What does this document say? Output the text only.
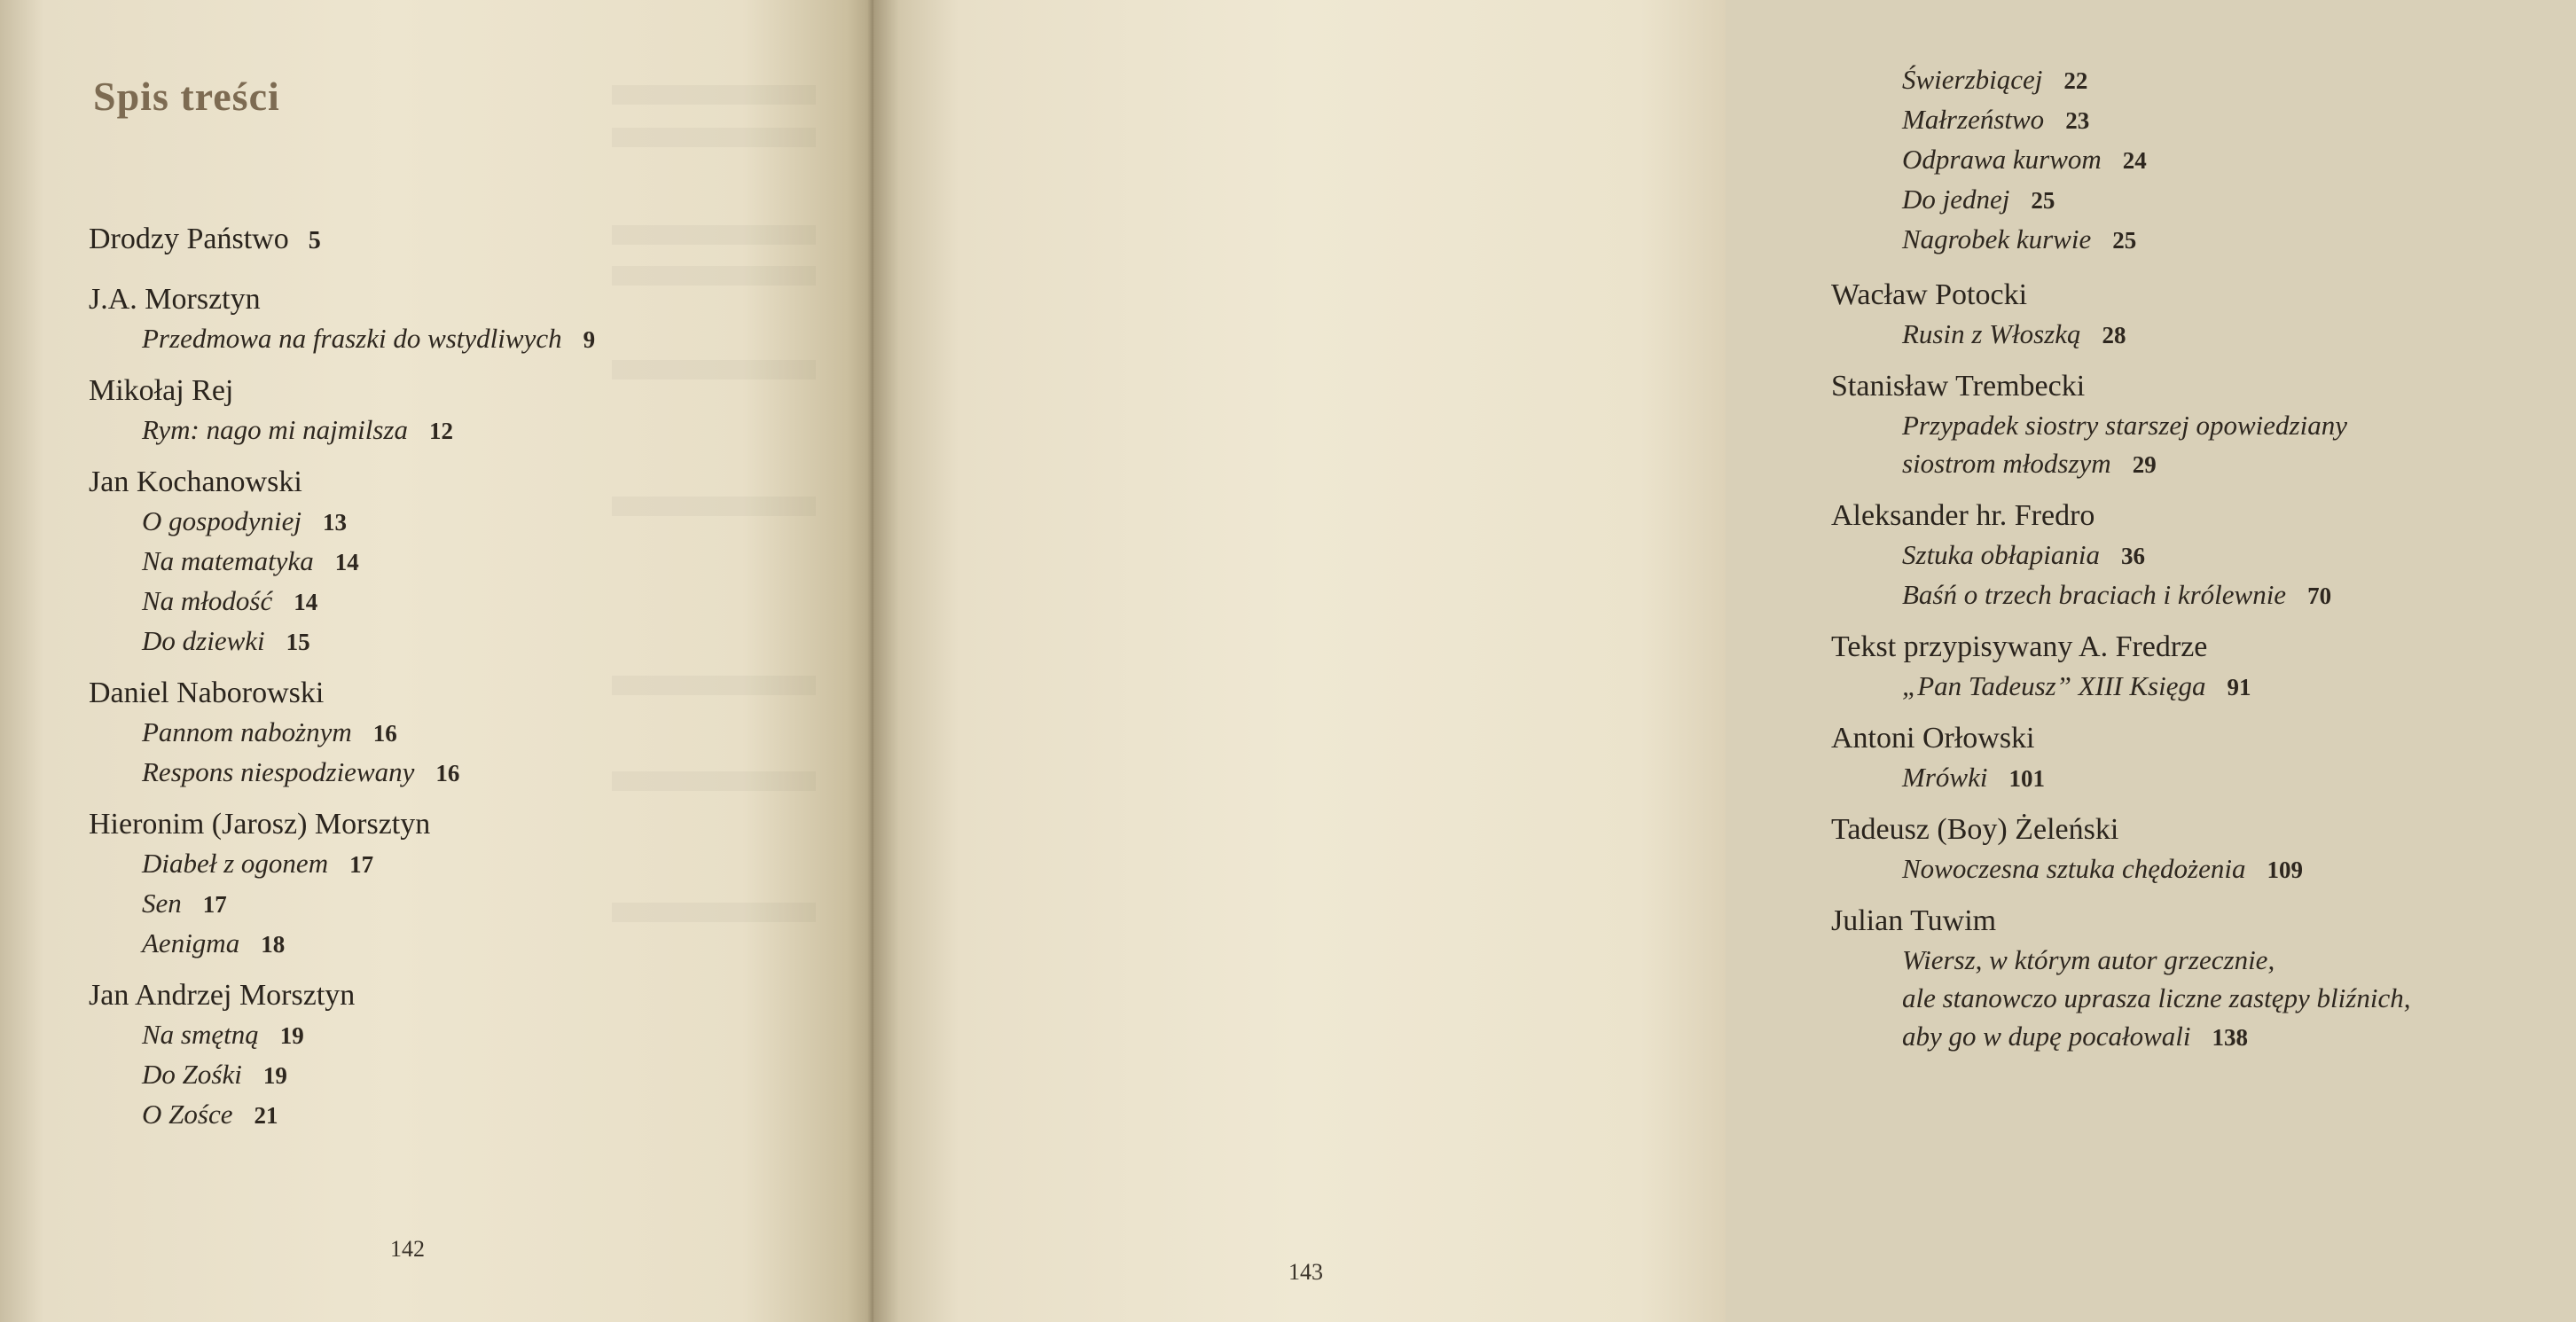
Spis treści
Drodzy Państwo 5
J.A. Morsztyn
Przedmowa na fraszki do wstydliwych 9
Mikołaj Rej
Rym: nago mi najmilsza 12
Jan Kochanowski
O gospodyniej 13
Na matematyka 14
Na młodość 14
Do dziewki 15
Daniel Naborowski
Pannom nabożnym 16
Respons niespodziewany 16
Hieronim (Jarosz) Morsztyn
Diabeł z ogonem 17
Sen 17
Aenigma 18
Jan Andrzej Morsztyn
Na smętną 19
Do Zośki 19
O Zośce 21
142
Świerzbiącej 22
Małrzeństwo 23
Odprawa kurwom 24
Do jednej 25
Nagrobek kurwie 25
Wacław Potocki
Rusin z Włoszką 28
Stanisław Trembecki
Przypadek siostry starszej opowiedziany
siostrom młodszym 29
Aleksander hr. Fredro
Sztuka obłapiania 36
Baśń o trzech braciach i królewnie 70
Tekst przypisywany A. Fredrze
„Pan Tadeusz” XIII Księga 91
Antoni Orłowski
Mrówki 101
Tadeusz (Boy) Żeleński
Nowoczesna sztuka chędożenia 109
Julian Tuwim
Wiersz, w którym autor grzecznie,
ale stanowczo uprasza liczne zastępy bliźnich,
aby go w dupę pocałowali 138
143
